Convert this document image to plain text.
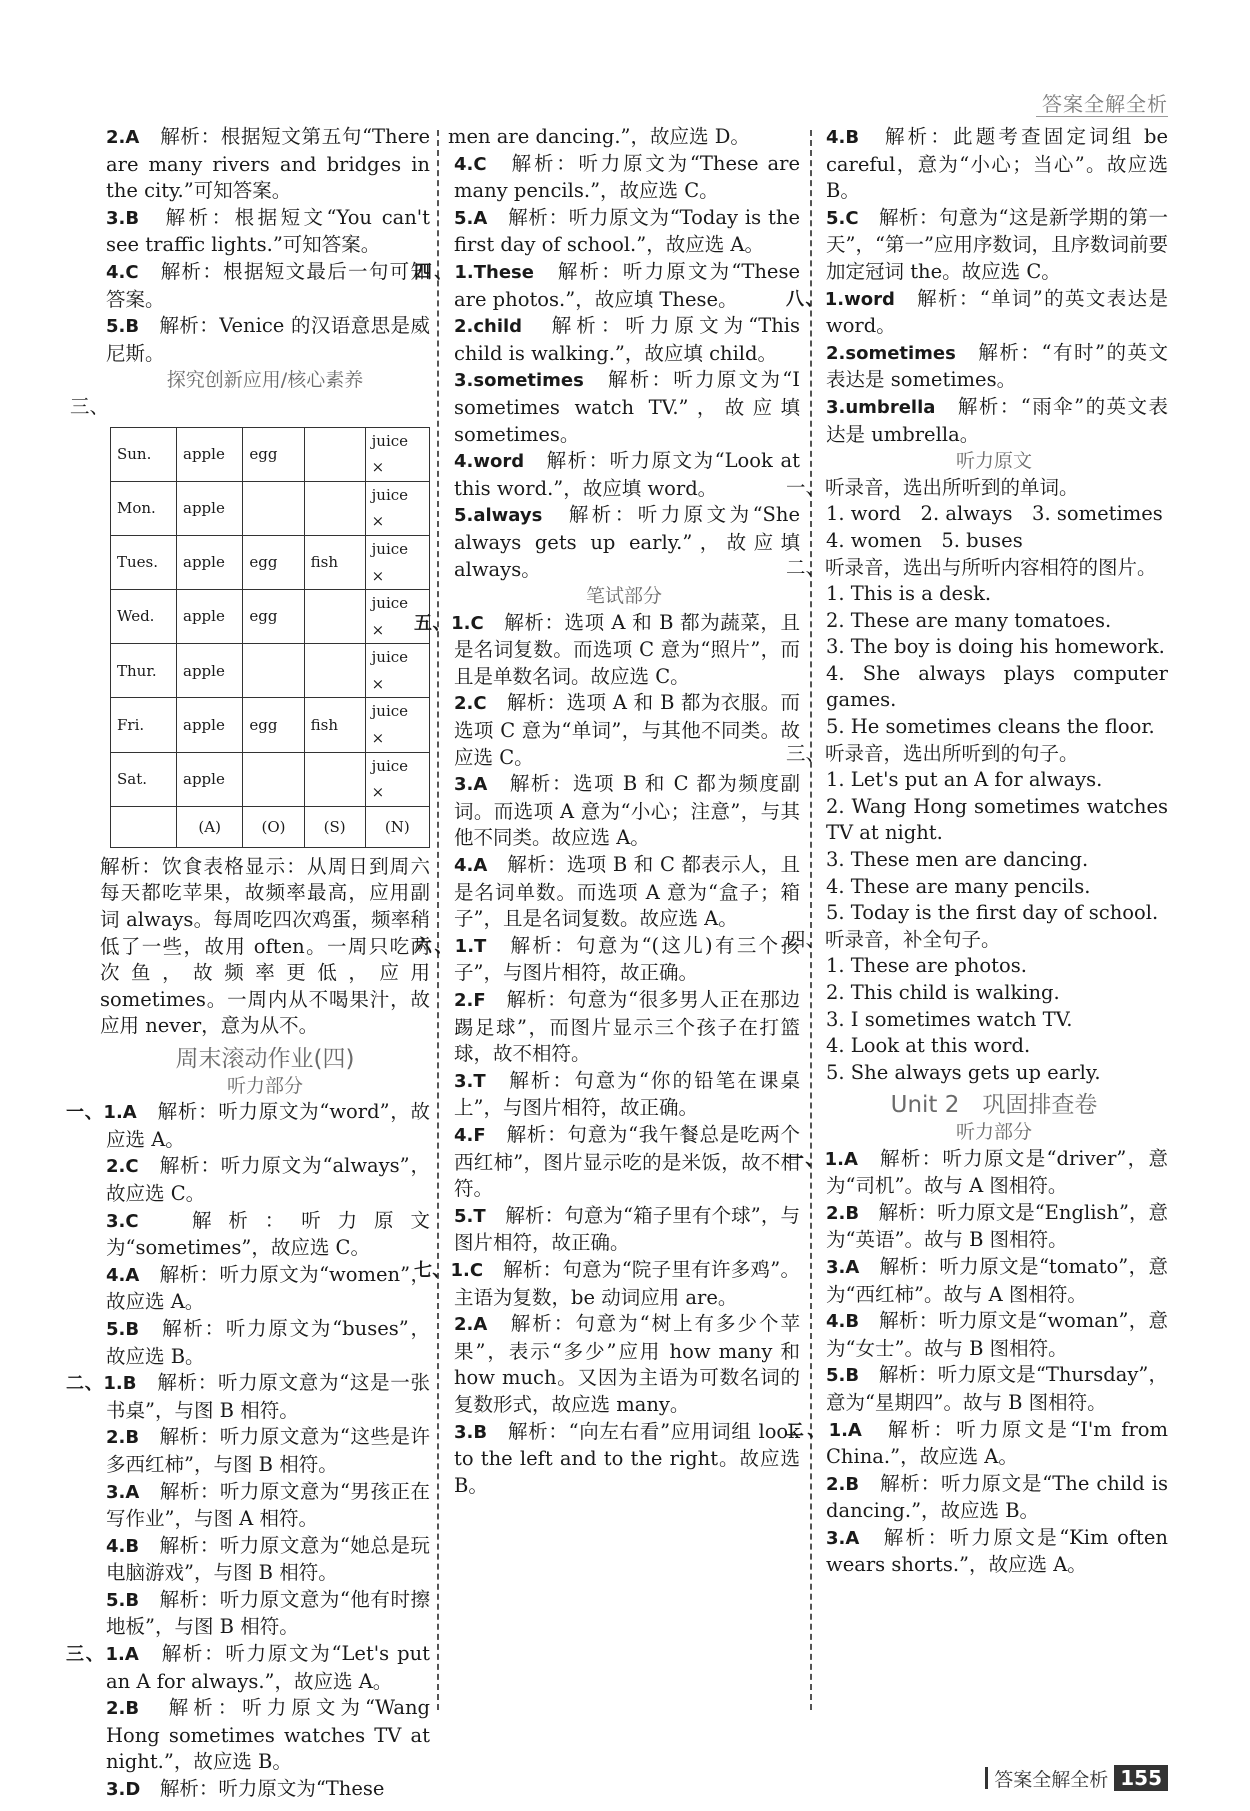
答案全解全析

2.A　 解析：根据短文第五句“There are many rivers and bridges in the city.”可知答案。

3.B　 解析：根据短文“You can't see traffic lights.”可知答案。

4.C　 解析：根据短文最后一句可知答案。

5.B　 解析：Venice 的汉语意思是威尼斯。

探究创新应用/核心素养
三、
Sun.	apple	egg		juice ×
Mon.	apple			juice ×
Tues.	apple	egg	fish	juice ×
Wed.	apple	egg		juice ×
Thur.	apple			juice ×
Fri.	apple	egg	fish	juice ×
Sat.	apple			juice ×
	(A)	(O)	(S)	(N)

解析：饮食表格显示：从周日到周六每天都吃苹果，故频率最高，应用副词 always。每周吃四次鸡蛋，频率稍低了一些，故用 often。一周只吃两次鱼，故频率更低，应用 sometimes。一周内从不喝果汁，故应用 never，意为从不。

周末滚动作业(四)
听力部分

一、1.A　 解析：听力原文为“word”，故应选 A。

2.C　 解析：听力原文为“always”，故应选 C。

3.C　	解析：听力原文为“sometimes”，故应选 C。

4.A　 解析：听力原文为“women”，故应选 A。

5.B　 解析：听力原文为“buses”，故应选 B。

二、1.B　 解析：听力原文意为“这是一张书桌”，与图 B 相符。

2.B　 解析：听力原文意为“这些是许多西红柿”，与图 B 相符。

3.A　 解析：听力原文意为“男孩正在写作业”，与图 A 相符。

4.B　 解析：听力原文意为“她总是玩电脑游戏”，与图 B 相符。

5.B　 解析：听力原文意为“他有时擦地板”，与图 B 相符。

三、1.A　 解析：听力原文为“Let's put an A for always.”，故应选 A。

2.B　 解析：听力原文为“Wang Hong sometimes watches TV at night.”，故应选 B。

3.D　 解析：听力原文为“These

men are dancing.”，故应选 D。

4.C　 解析：听力原文为“These are many pencils.”，故应选 C。

5.A　 解析：听力原文为“Today is the first day of school.”，故应选 A。

四、1.These　 解析：听力原文为“These are photos.”，故应填 These。

2.child　 解析：听力原文为“This child is walking.”，故应填 child。

3.sometimes　 解析：听力原文为“I sometimes watch TV.”，故应填 sometimes。

4.word　 解析：听力原文为“Look at this word.”，故应填 word。

5.always　 解析：听力原文为“She always gets up early.”，故应填 always。

笔试部分

五、1.C　 解析：选项 A 和 B 都为蔬菜，且是名词复数。而选项 C 意为“照片”，而且是单数名词。故应选 C。

2.C　 解析：选项 A 和 B 都为衣服。而选项 C 意为“单词”，与其他不同类。故应选 C。

3.A　 解析：选项 B 和 C 都为频度副词。而选项 A 意为“小心；注意”，与其他不同类。故应选 A。

4.A　 解析：选项 B 和 C 都表示人，且是名词单数。而选项 A 意为“盒子；箱子”，且是名词复数。故应选 A。

六、1.T　 解析：句意为“(这儿)有三个孩子”，与图片相符，故正确。

2.F　 解析：句意为“很多男人正在那边踢足球”，而图片显示三个孩子在打篮球，故不相符。

3.T　 解析：句意为“你的铅笔在课桌上”，与图片相符，故正确。

4.F　 解析：句意为“我午餐总是吃两个西红柿”，图片显示吃的是米饭，故不相符。

5.T　 解析：句意为“箱子里有个球”，与图片相符，故正确。

七、1.C　 解析：句意为“院子里有许多鸡”。主语为复数，be 动词应用 are。

2.A　 解析：句意为“树上有多少个苹果”，表示“多少”应用 how many 和 how much。又因为主语为可数名词的复数形式，故应选 many。

3.B　 解析：“向左右看”应用词组 look to the left and to the right。故应选 B。

4.B　 解析：此题考查固定词组 be careful，意为“小心；当心”。故应选 B。

5.C　 解析：句意为“这是新学期的第一天”，“第一”应用序数词，且序数词前要加定冠词 the。故应选 C。

八、1.word　 解析：“单词”的英文表达是 word。

2.sometimes　 解析：“有时”的英文表达是 sometimes。

3.umbrella　 解析：“雨伞”的英文表达是 umbrella。

听力原文

一、听录音，选出所听到的单词。

1. word　2. always　3. sometimes

4. women　5. buses

二、听录音，选出与所听内容相符的图片。

1. This is a desk.

2. These are many tomatoes.

3. The boy is doing his homework.

4. She always plays computer games.

5. He sometimes cleans the floor.

三、听录音，选出所听到的句子。

1. Let's put an A for always.

2. Wang Hong sometimes watches TV at night.

3. These men are dancing.

4. These are many pencils.

5. Today is the first day of school.

四、听录音，补全句子。

1. These are photos.

2. This child is walking.

3. I sometimes watch TV.

4. Look at this word.

5. She always gets up early.

Unit 2　巩固排查卷
听力部分

一、1.A　 解析：听力原文是“driver”，意为“司机”。故与 A 图相符。

2.B　 解析：听力原文是“English”，意为“英语”。故与 B 图相符。

3.A　 解析：听力原文是“tomato”，意为“西红柿”。故与 A 图相符。

4.B　 解析：听力原文是“woman”，意为“女士”。故与 B 图相符。

5.B　 解析：听力原文是“Thursday”，意为“星期四”。故与 B 图相符。

二、1.A　 解析：听力原文是“I'm from China.”，故应选 A。

2.B　 解析：听力原文是“The child is dancing.”，故应选 B。

3.A　 解析：听力原文是“Kim often wears shorts.”，故应选 A。

答案全解全析 155
